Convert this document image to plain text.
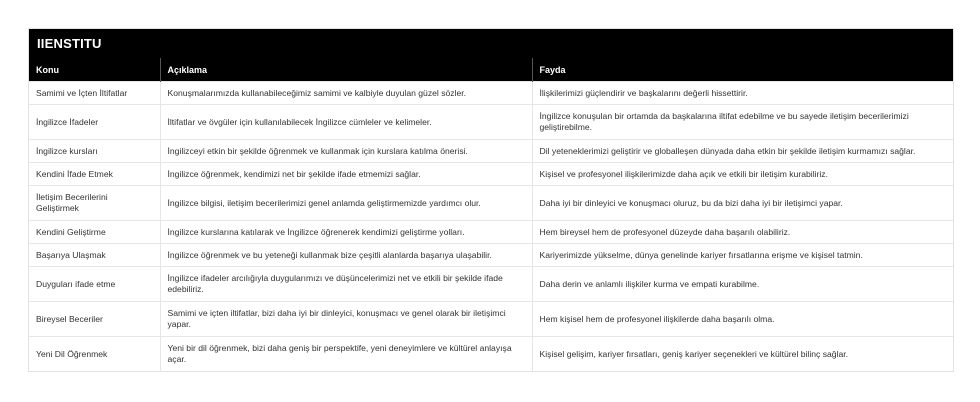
IIENSTITU
Konu	Açıklama	Fayda
Samimi ve İçten İltifatlar	Konuşmalarımızda kullanabileceğimiz samimi ve kalbiyle duyulan güzel sözler.	İlişkilerimizi güçlendirir ve başkalarını değerli hissettirir.
İngilizce İfadeler	İltifatlar ve övgüler için kullanılabilecek İngilizce cümleler ve kelimeler.	İngilizce konuşulan bir ortamda da başkalarına iltifat edebilme ve bu sayede iletişim becerilerimizi geliştirebilme.
İngilizce kursları	İngilizceyi etkin bir şekilde öğrenmek ve kullanmak için kurslara katılma önerisi.	Dil yeteneklerimizi geliştirir ve globalleşen dünyada daha etkin bir şekilde iletişim kurmamızı sağlar.
Kendini İfade Etmek	İngilizce öğrenmek, kendimizi net bir şekilde ifade etmemizi sağlar.	Kişisel ve profesyonel ilişkilerimizde daha açık ve etkili bir iletişim kurabiliriz.
İletişim Becerilerini Geliştirmek	İngilizce bilgisi, iletişim becerilerimizi genel anlamda geliştirmemizde yardımcı olur.	Daha iyi bir dinleyici ve konuşmacı oluruz, bu da bizi daha iyi bir iletişimci yapar.
Kendini Geliştirme	İngilizce kurslarına katılarak ve İngilizce öğrenerek kendimizi geliştirme yolları.	Hem bireysel hem de profesyonel düzeyde daha başarılı olabiliriz.
Başarıya Ulaşmak	İngilizce öğrenmek ve bu yeteneği kullanmak bize çeşitli alanlarda başarıya ulaşabilir.	Kariyerimizde yükselme, dünya genelinde kariyer fırsatlarına erişme ve kişisel tatmin.
Duyguları ifade etme	İngilizce ifadeler arcılığıyla duygularımızı ve düşüncelerimizi net ve etkili bir şekilde ifade edebiliriz.	Daha derin ve anlamlı ilişkiler kurma ve empati kurabilme.
Bireysel Beceriler	Samimi ve içten iltifatlar, bizi daha iyi bir dinleyici, konuşmacı ve genel olarak bir iletişimci yapar.	Hem kişisel hem de profesyonel ilişkilerde daha başarılı olma.
Yeni Dil Öğrenmek	Yeni bir dil öğrenmek, bizi daha geniş bir perspektife, yeni deneyimlere ve kültürel anlayışa açar.	Kişisel gelişim, kariyer fırsatları, geniş kariyer seçenekleri ve kültürel bilinç sağlar.
